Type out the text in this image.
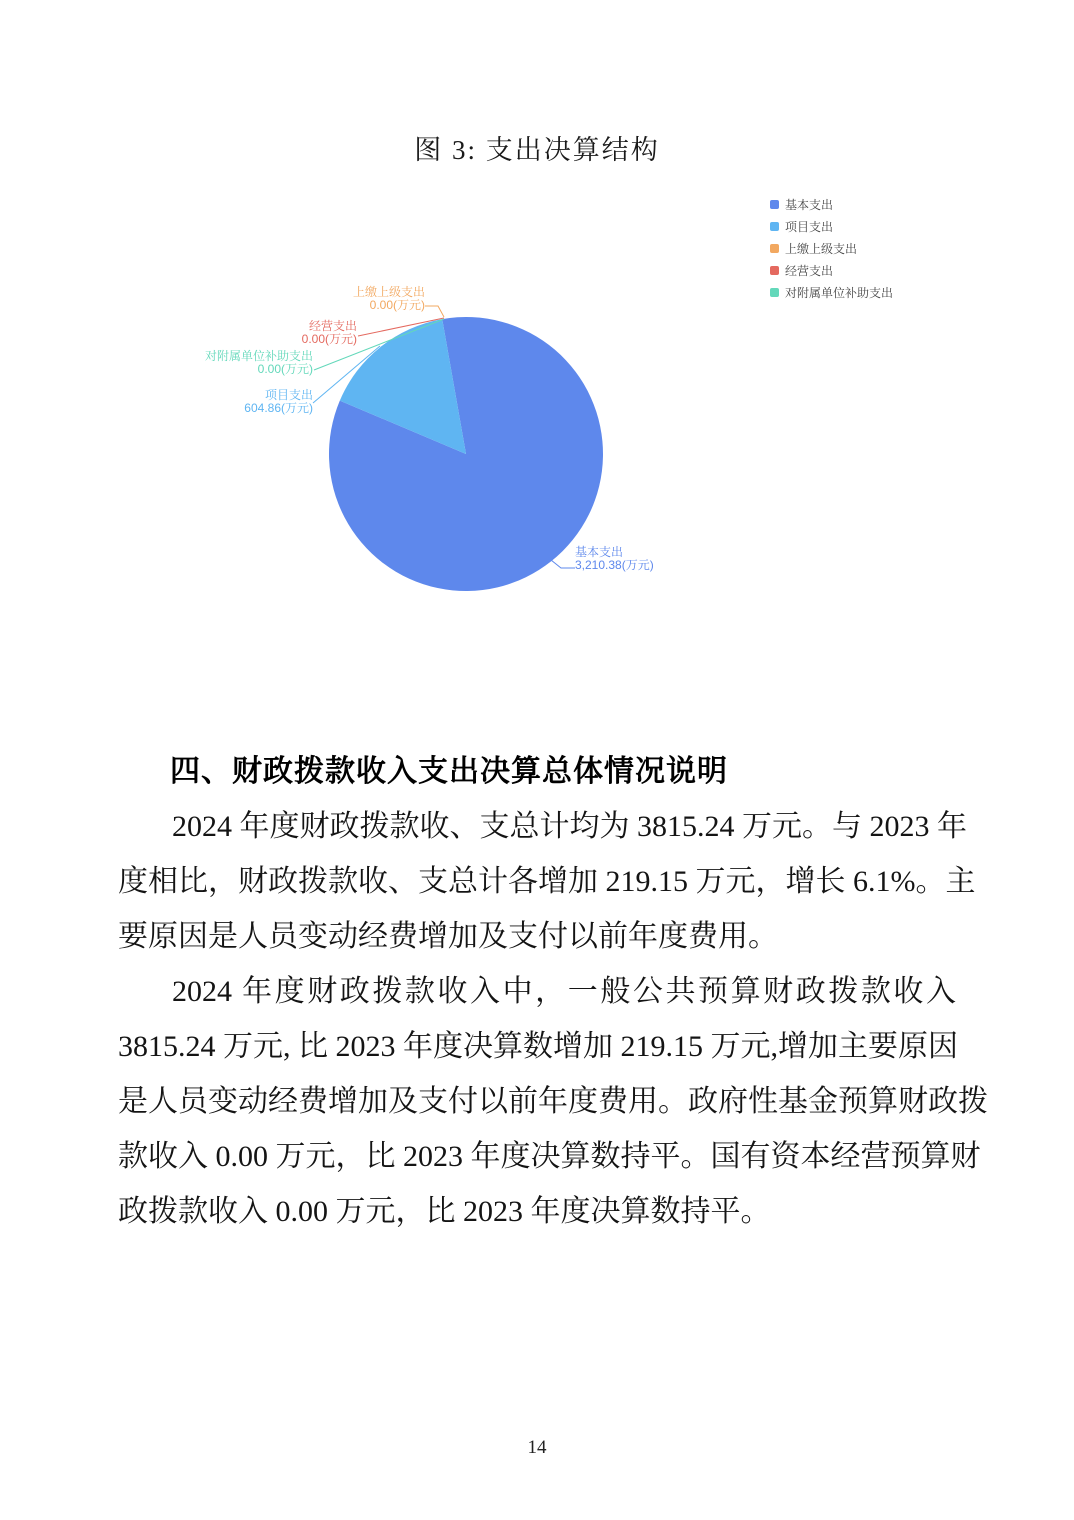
图 3: 支出决算结构
基本支出
项目支出
上缴上级支出
经营支出
对附属单位补助支出
上缴上级支出
0.00(万元)
经营支出
0.00(万元)
对附属单位补助支出
0.00(万元)
项目支出
604.86(万元)
基本支出
3,210.38(万元)
四、财政拨款收入支出决算总体情况说明
2024 年度财政拨款收、支总计均为 3815.24 万元。与 2023 年
度相比，财政拨款收、支总计各增加 219.15 万元，增长 6.1%。主
要原因是人员变动经费增加及支付以前年度费用。
2024 年度财政拨款收入中，一般公共预算财政拨款收入
3815.24 万元, 比 2023 年度决算数增加 219.15 万元,增加主要原因
是人员变动经费增加及支付以前年度费用。政府性基金预算财政拨
款收入 0.00 万元，比 2023 年度决算数持平。国有资本经营预算财
政拨款收入 0.00 万元，比 2023 年度决算数持平。
14
